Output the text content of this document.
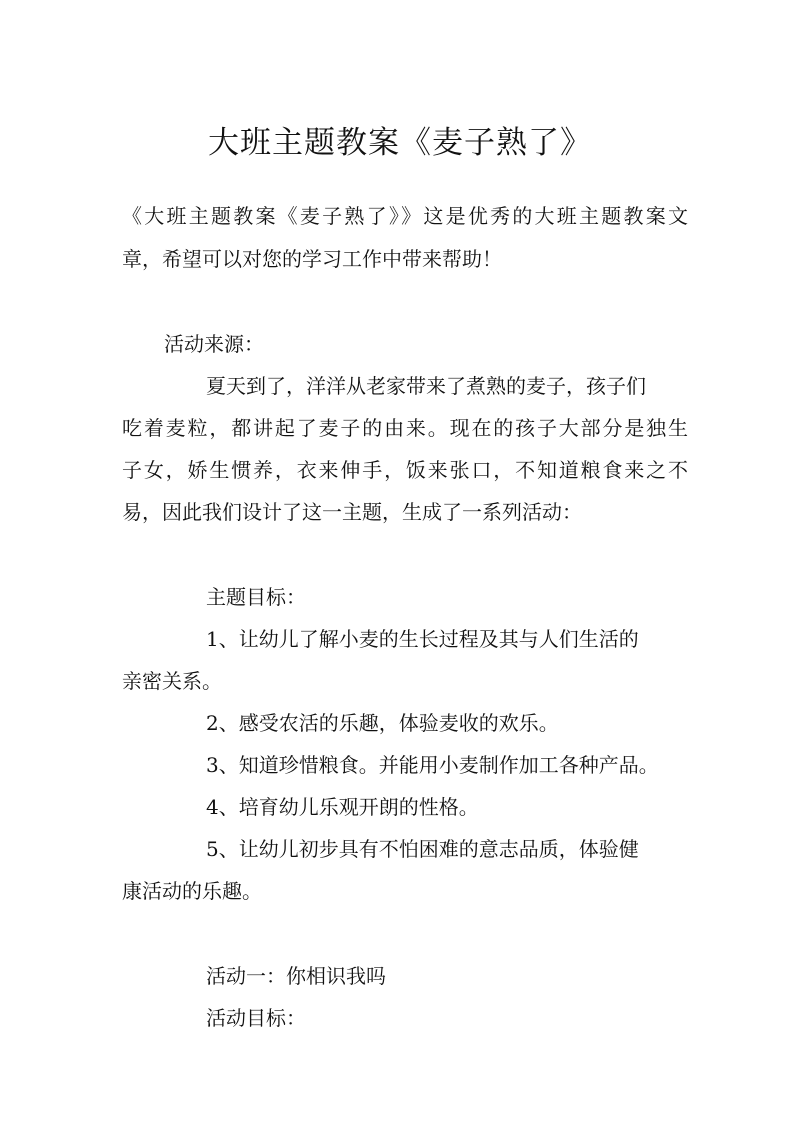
大班主题教案《麦子熟了》
《大班主题教案《麦子熟了》》这是优秀的大班主题教案文
章，希望可以对您的学习工作中带来帮助！
活动来源：
夏天到了，洋洋从老家带来了煮熟的麦子，孩子们
吃着麦粒，都讲起了麦子的由来。现在的孩子大部分是独生
子女，娇生惯养，衣来伸手，饭来张口，不知道粮食来之不
易，因此我们设计了这一主题，生成了一系列活动：
主题目标：
1、让幼儿了解小麦的生长过程及其与人们生活的
亲密关系。
2、感受农活的乐趣，体验麦收的欢乐。
3、知道珍惜粮食。并能用小麦制作加工各种产品。
4、培育幼儿乐观开朗的性格。
5、让幼儿初步具有不怕困难的意志品质，体验健
康活动的乐趣。
活动一：你相识我吗
活动目标：
